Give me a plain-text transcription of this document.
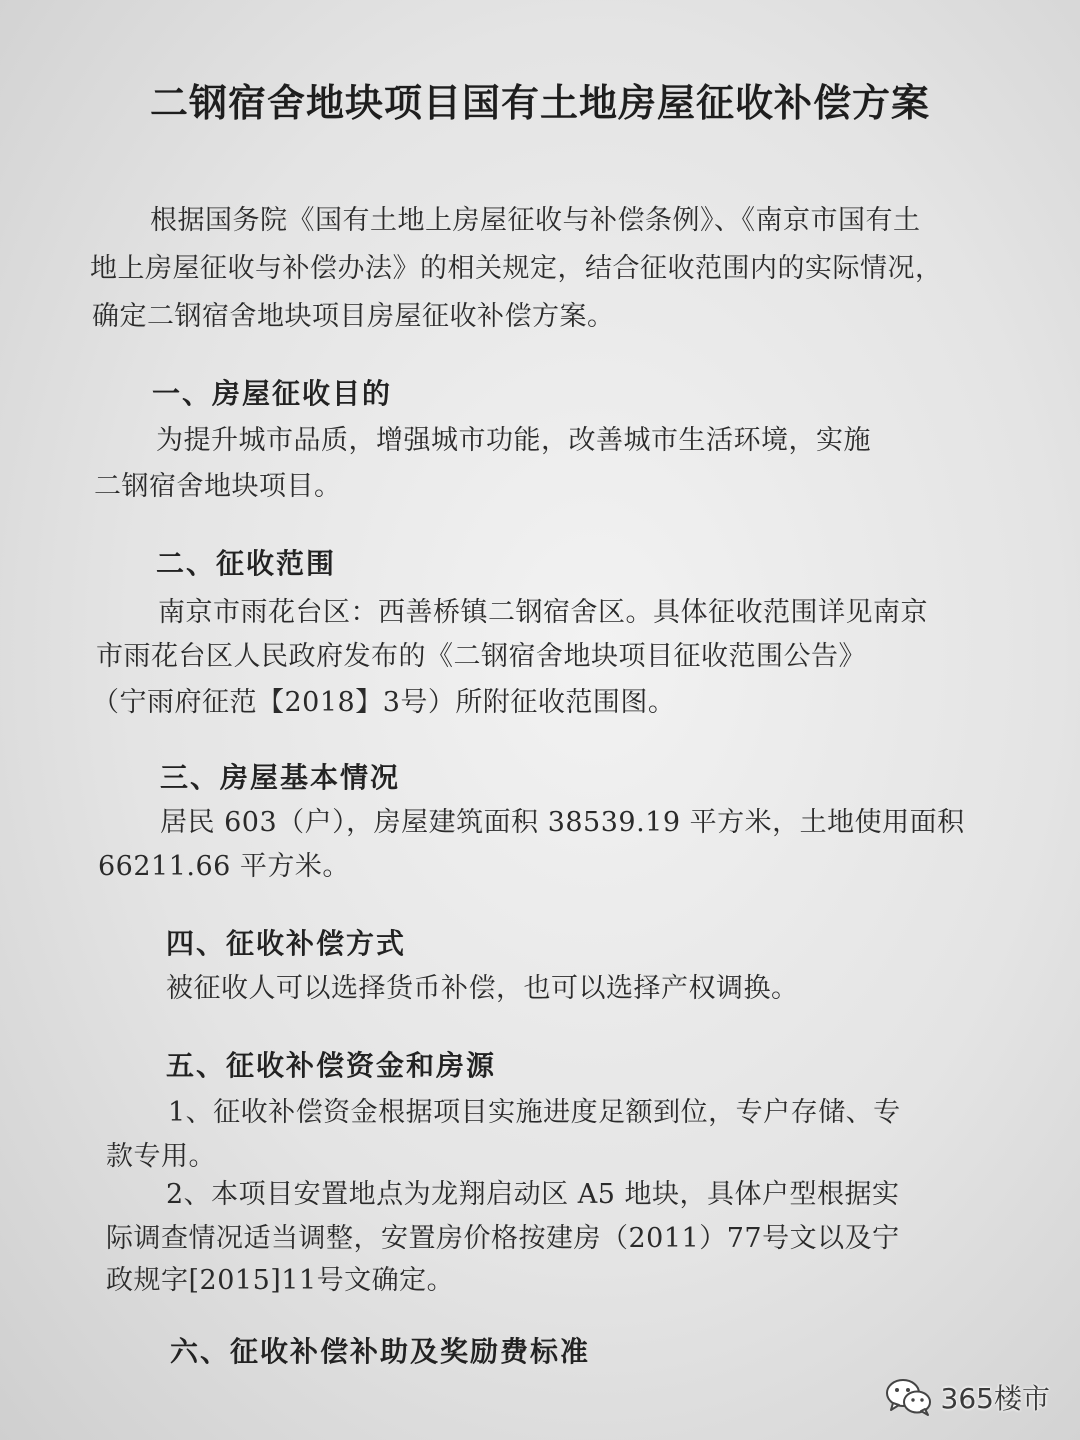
二钢宿舍地块项目国有土地房屋征收补偿方案
根据国务院《国有土地上房屋征收与补偿条例》、《南京市国有土
地上房屋征收与补偿办法》的相关规定，结合征收范围内的实际情况，
确定二钢宿舍地块项目房屋征收补偿方案。
一、房屋征收目的
为提升城市品质，增强城市功能，改善城市生活环境，实施
二钢宿舍地块项目。
二、征收范围
南京市雨花台区：西善桥镇二钢宿舍区。具体征收范围详见南京
市雨花台区人民政府发布的《二钢宿舍地块项目征收范围公告》
（宁雨府征范【2018】3号）所附征收范围图。
三、房屋基本情况
居民 603（户），房屋建筑面积 38539.19 平方米，土地使用面积
66211.66 平方米。
四、征收补偿方式
被征收人可以选择货币补偿，也可以选择产权调换。
五、征收补偿资金和房源
1、征收补偿资金根据项目实施进度足额到位，专户存储、专
款专用。
2、本项目安置地点为龙翔启动区 A5 地块，具体户型根据实
际调查情况适当调整，安置房价格按建房（2011）77号文以及宁
政规字[2015]11号文确定。
六、征收补偿补助及奖励费标准
365楼市
